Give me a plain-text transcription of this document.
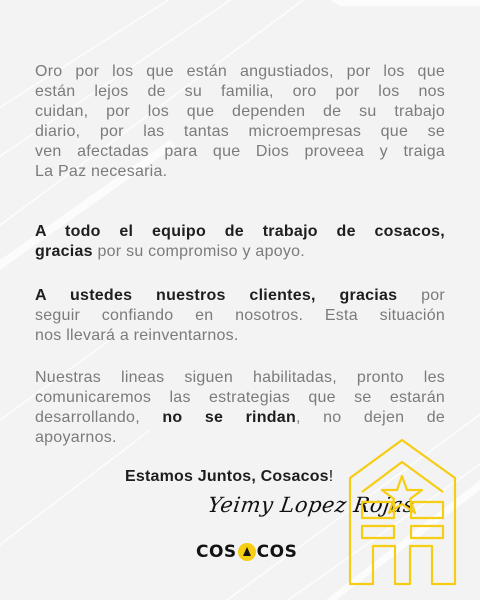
Oro por los que están angustiados, por los que
están lejos de su familia, oro por los nos
cuidan, por los que dependen de su trabajo
diario, por las tantas microempresas que se
ven afectadas para que Dios proveea y traiga
La Paz necesaria.

A todo el equipo de trabajo de cosacos,
gracias por su compromiso y apoyo.

A ustedes nuestros clientes, gracias por
seguir confiando en nosotros. Esta situación
nos llevará a reinventarnos.

Nuestras lineas siguen habilitadas, pronto les
comunicaremos las estrategias que se estarán
desarrollando, no se rindan, no dejen de
apoyarnos.

Estamos Juntos, Cosacos!
Yeimy Lopez Rojas
COS COS
